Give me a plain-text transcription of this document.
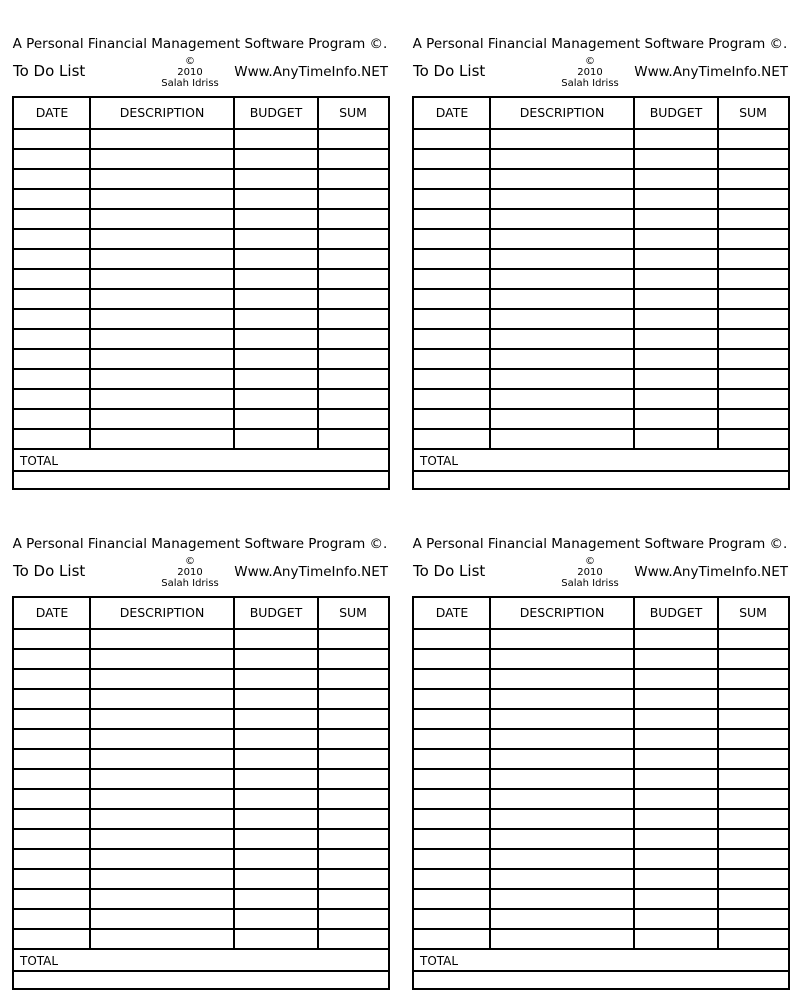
A Personal Financial Management Software Program ©.
To Do List
©
2010
Salah Idriss
Www.AnyTimeInfo.NET
DATE	DESCRIPTION	BUDGET	SUM
TOTAL
A Personal Financial Management Software Program ©.
To Do List
©
2010
Salah Idriss
Www.AnyTimeInfo.NET
DATE	DESCRIPTION	BUDGET	SUM
TOTAL
A Personal Financial Management Software Program ©.
To Do List
©
2010
Salah Idriss
Www.AnyTimeInfo.NET
DATE	DESCRIPTION	BUDGET	SUM
TOTAL
A Personal Financial Management Software Program ©.
To Do List
©
2010
Salah Idriss
Www.AnyTimeInfo.NET
DATE	DESCRIPTION	BUDGET	SUM
TOTAL
